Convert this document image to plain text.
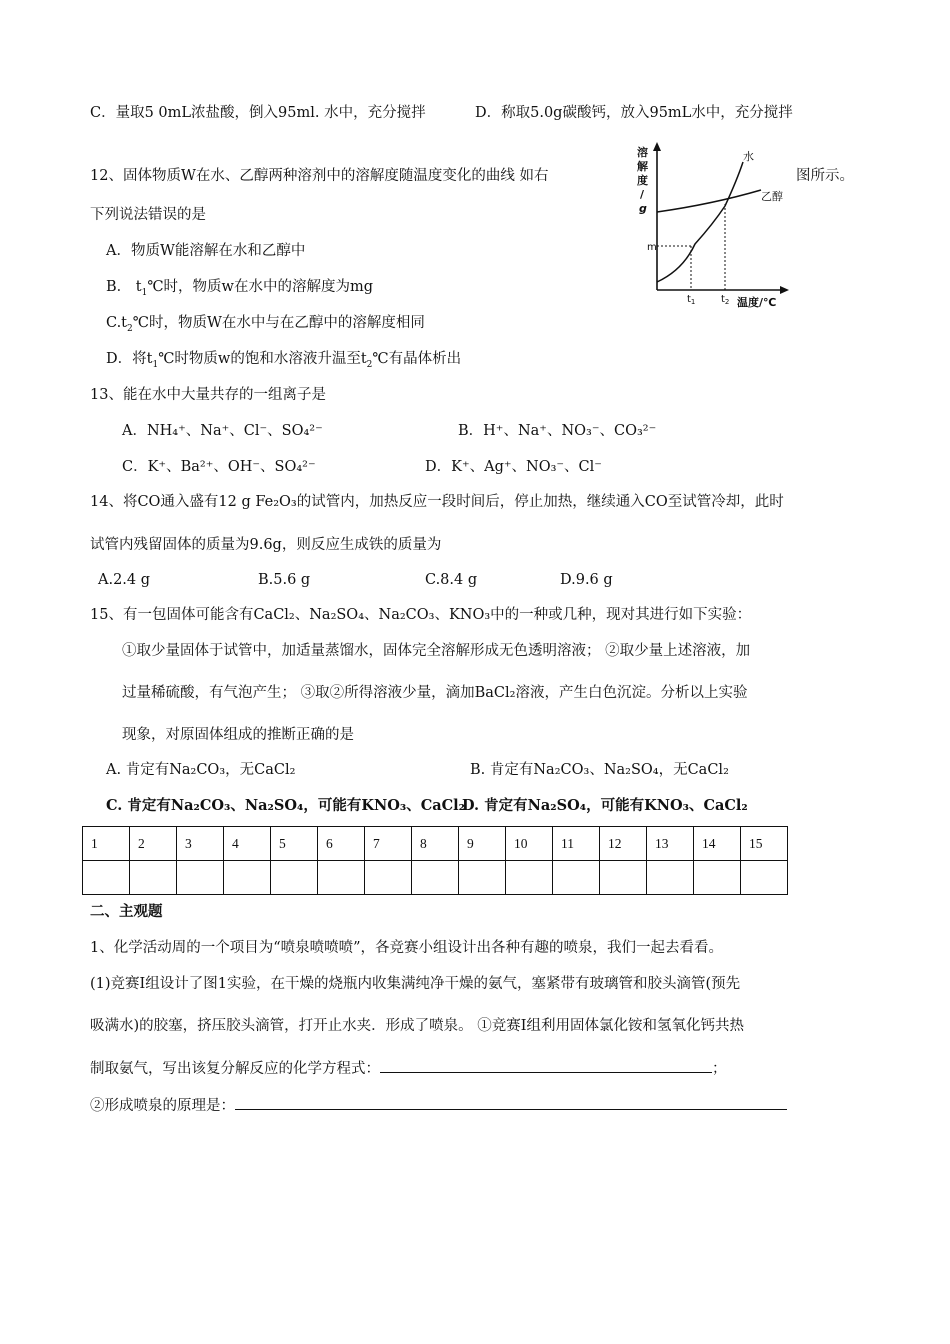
C．量取5 0mL浓盐酸，倒入95ml. 水中，充分搅拌	D．称取5.0g碳酸钙，放入95mL水中，充分搅拌
12、固体物质W在水、乙醇两种溶剂中的溶解度随温度变化的曲线 如右	图所示。
下列说法错误的是
A．物质W能溶解在水和乙醇中
B． $t_1℃$时，物质w在水中的溶解度为mg
$C.t_2℃$时，物质W在水中与在乙醇中的溶解度相同
D．将$t_1℃$时物质w的饱和水溶液升温至$t_2℃$有晶体析出
溶
解
度
/
g
水
乙醇
m
$t_1$	$t_2$ 温度/℃
13、能在水中大量共存的一组离子是
A．NH₄⁺、Na⁺、Cl⁻、SO₄²⁻	B．H⁺、Na⁺、NO₃⁻、CO₃²⁻
C．K⁺、Ba²⁺、OH⁻、SO₄²⁻	D．K⁺、Ag⁺、NO₃⁻、Cl⁻
14、将CO通入盛有12 g Fe₂O₃的试管内，加热反应一段时间后，停止加热，继续通入CO至试管冷却，此时
试管内残留固体的质量为9.6g，则反应生成铁的质量为
A.2.4 g	B.5.6 g	C.8.4 g	D.9.6 g
15、有一包固体可能含有CaCl₂、Na₂SO₄、Na₂CO₃、KNO₃中的一种或几种，现对其进行如下实验：
①取少量固体于试管中，加适量蒸馏水，固体完全溶解形成无色透明溶液； ②取少量上述溶液，加
过量稀硫酸，有气泡产生； ③取②所得溶液少量，滴加BaCl₂溶液，产生白色沉淀。分析以上实验
现象，对原固体组成的推断正确的是
A. 肯定有Na₂CO₃，无CaCl₂	B. 肯定有Na₂CO₃、Na₂SO₄，无CaCl₂
C. 肯定有Na₂CO₃、Na₂SO₄，可能有KNO₃、CaCl₂
D. 肯定有Na₂SO₄，可能有KNO₃、CaCl₂
1	2	3	4	5	6	7	8	9	10	11	12	13	14	15

二、主观题
1、化学活动周的一个项目为“喷泉喷喷喷”，各竞赛小组设计出各种有趣的喷泉，我们一起去看看。
(1)竞赛I组设计了图1实验，在干燥的烧瓶内收集满纯净干燥的氨气，塞紧带有玻璃管和胶头滴管(预先
吸满水)的胶塞，挤压胶头滴管，打开止水夹．形成了喷泉。 ①竞赛I组利用固体氯化铵和氢氧化钙共热
制取氨气，写出该复分解反应的化学方程式：	；
②形成喷泉的原理是：
